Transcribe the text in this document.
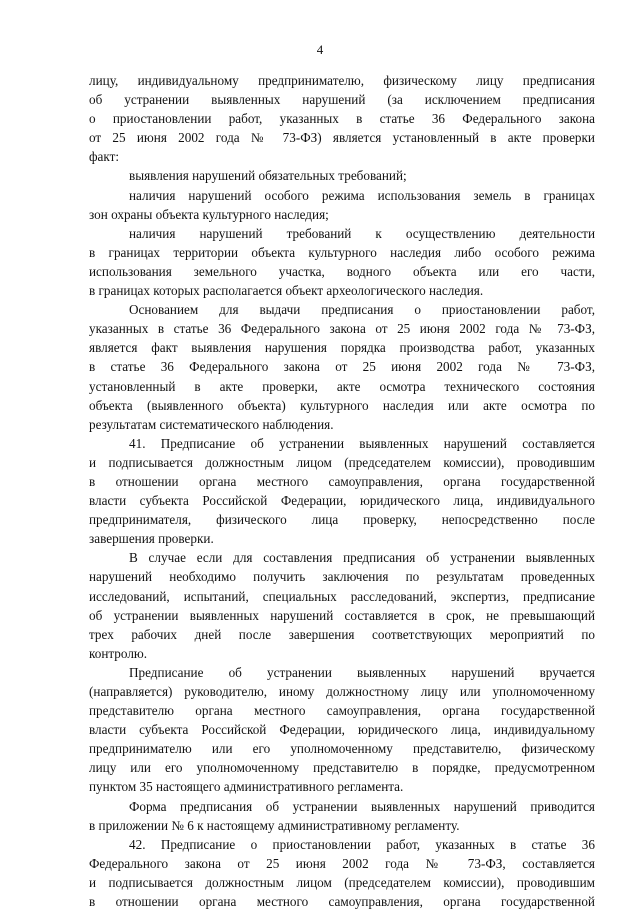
4
лицу, индивидуальному предпринимателю, физическому лицу предписания
об устранении выявленных нарушений (за исключением предписания
о приостановлении работ, указанных в статье 36 Федерального закона
от 25 июня 2002 года № 73-ФЗ) является установленный в акте проверки
факт:
выявления нарушений обязательных требований;
наличия нарушений особого режима использования земель в границах
зон охраны объекта культурного наследия;
наличия нарушений требований к осуществлению деятельности
в границах территории объекта культурного наследия либо особого режима
использования земельного участка, водного объекта или его части,
в границах которых располагается объект археологического наследия.
Основанием для выдачи предписания о приостановлении работ,
указанных в статье 36 Федерального закона от 25 июня 2002 года № 73-ФЗ,
является факт выявления нарушения порядка производства работ, указанных
в статье 36 Федерального закона от 25 июня 2002 года № 73-ФЗ,
установленный в акте проверки, акте осмотра технического состояния
объекта (выявленного объекта) культурного наследия или акте осмотра по
результатам систематического наблюдения.
41. Предписание об устранении выявленных нарушений составляется
и подписывается должностным лицом (председателем комиссии), проводившим
в отношении органа местного самоуправления, органа государственной
власти субъекта Российской Федерации, юридического лица, индивидуального
предпринимателя, физического лица проверку, непосредственно после
завершения проверки.
В случае если для составления предписания об устранении выявленных
нарушений необходимо получить заключения по результатам проведенных
исследований, испытаний, специальных расследований, экспертиз, предписание
об устранении выявленных нарушений составляется в срок, не превышающий
трех рабочих дней после завершения соответствующих мероприятий по
контролю.
Предписание об устранении выявленных нарушений вручается
(направляется) руководителю, иному должностному лицу или уполномоченному
представителю органа местного самоуправления, органа государственной
власти субъекта Российской Федерации, юридического лица, индивидуальному
предпринимателю или его уполномоченному представителю, физическому
лицу или его уполномоченному представителю в порядке, предусмотренном
пунктом 35 настоящего административного регламента.
Форма предписания об устранении выявленных нарушений приводится
в приложении № 6 к настоящему административному регламенту.
42. Предписание о приостановлении работ, указанных в статье 36
Федерального закона от 25 июня 2002 года № 73-ФЗ, составляется
и подписывается должностным лицом (председателем комиссии), проводившим
в отношении органа местного самоуправления, органа государственной
